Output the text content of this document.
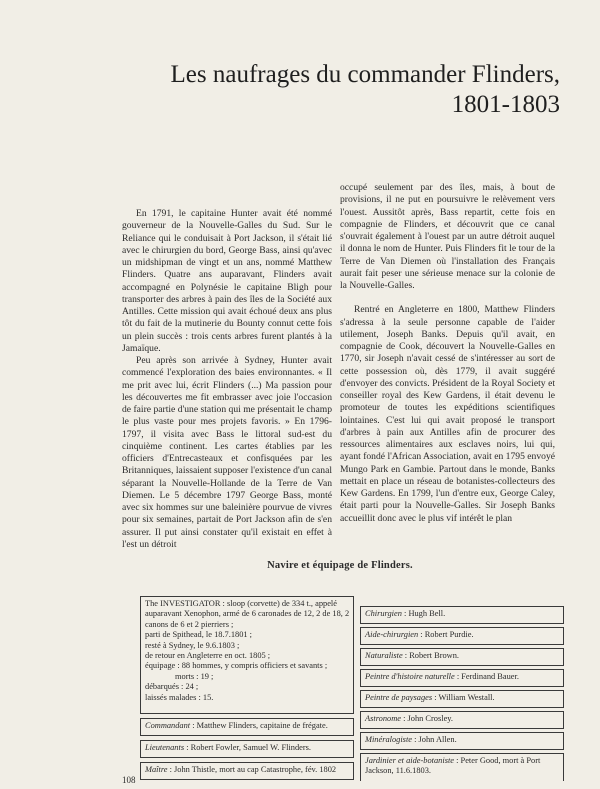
Les naufrages du commander Flinders,
1801-1803

En 1791, le capitaine Hunter avait été nommé gouverneur de la Nouvelle-Galles du Sud. Sur le Reliance qui le conduisait à Port Jackson, il s'était lié avec le chirurgien du bord, George Bass, ainsi qu'avec un midshipman de vingt et un ans, nommé Matthew Flinders. Quatre ans auparavant, Flinders avait accompagné en Polynésie le capitaine Bligh pour transporter des arbres à pain des îles de la Société aux Antilles. Cette mission qui avait échoué deux ans plus tôt du fait de la mutinerie du Bounty connut cette fois un plein succès : trois cents arbres furent plantés à la Jamaïque.

Peu après son arrivée à Sydney, Hunter avait commencé l'exploration des baies environnantes. « Il me prit avec lui, écrit Flinders (...) Ma passion pour les découvertes me fit embrasser avec joie l'occasion de faire partie d'une station qui me présentait le champ le plus vaste pour mes projets favoris. » En 1796-1797, il visita avec Bass le littoral sud-est du cinquième continent. Les cartes établies par les officiers d'Entrecasteaux et confisquées par les Britanniques, laissaient supposer l'existence d'un canal séparant la Nouvelle-Hollande de la Terre de Van Diemen. Le 5 décembre 1797 George Bass, monté avec six hommes sur une baleinière pourvue de vivres pour six semaines, partait de Port Jackson afin de s'en assurer. Il put ainsi constater qu'il existait en effet à l'est un détroit

occupé seulement par des îles, mais, à bout de provisions, il ne put en poursuivre le relèvement vers l'ouest. Aussitôt après, Bass repartit, cette fois en compagnie de Flinders, et découvrit que ce canal s'ouvrait également à l'ouest par un autre détroit auquel il donna le nom de Hunter. Puis Flinders fit le tour de la Terre de Van Diemen où l'installation des Français aurait fait peser une sérieuse menace sur la colonie de la Nouvelle-Galles.

Rentré en Angleterre en 1800, Matthew Flinders s'adressa à la seule personne capable de l'aider utilement, Joseph Banks. Depuis qu'il avait, en compagnie de Cook, découvert la Nouvelle-Galles en 1770, sir Joseph n'avait cessé de s'intéresser au sort de cette possession où, dès 1779, il avait suggéré d'envoyer des convicts. Président de la Royal Society et conseiller royal des Kew Gardens, il était devenu le promoteur de toutes les expéditions scientifiques lointaines. C'est lui qui avait proposé le transport d'arbres à pain aux Antilles afin de procurer des ressources alimentaires aux esclaves noirs, lui qui, ayant fondé l'African Association, avait en 1795 envoyé Mungo Park en Gambie. Partout dans le monde, Banks mettait en place un réseau de botanistes-collecteurs des Kew Gardens. En 1799, l'un d'entre eux, George Caley, était parti pour la Nouvelle-Galles. Sir Joseph Banks accueillit donc avec le plus vif intérêt le plan

Navire et équipage de Flinders.
The INVESTIGATOR : sloop (corvette) de 334 t., appelé
auparavant Xenophon, armé de 6 caronades de 12, 2 de 18, 2
canons de 6 et 2 pierriers ;
parti de Spithead, le 18.7.1801 ;
resté à Sydney, le 9.6.1803 ;
de retour en Angleterre en oct. 1805 ;
équipage : 88 hommes, y compris officiers et savants ;
morts : 19 ;
débarqués : 24 ;
laissés malades : 15.
Commandant : Matthew Flinders, capitaine de frégate.
Lieutenants : Robert Fowler, Samuel W. Flinders.
Maître : John Thistle, mort au cap Catastrophe, fév. 1802
Chirurgien : Hugh Bell.
Aide-chirurgien : Robert Purdie.
Naturaliste : Robert Brown.
Peintre d'histoire naturelle : Ferdinand Bauer.
Peintre de paysages : William Westall.
Astronome : John Crosley.
Minéralogiste : John Allen.
Jardinier et aide-botaniste : Peter Good, mort à Port Jackson, 11.6.1803.
108
